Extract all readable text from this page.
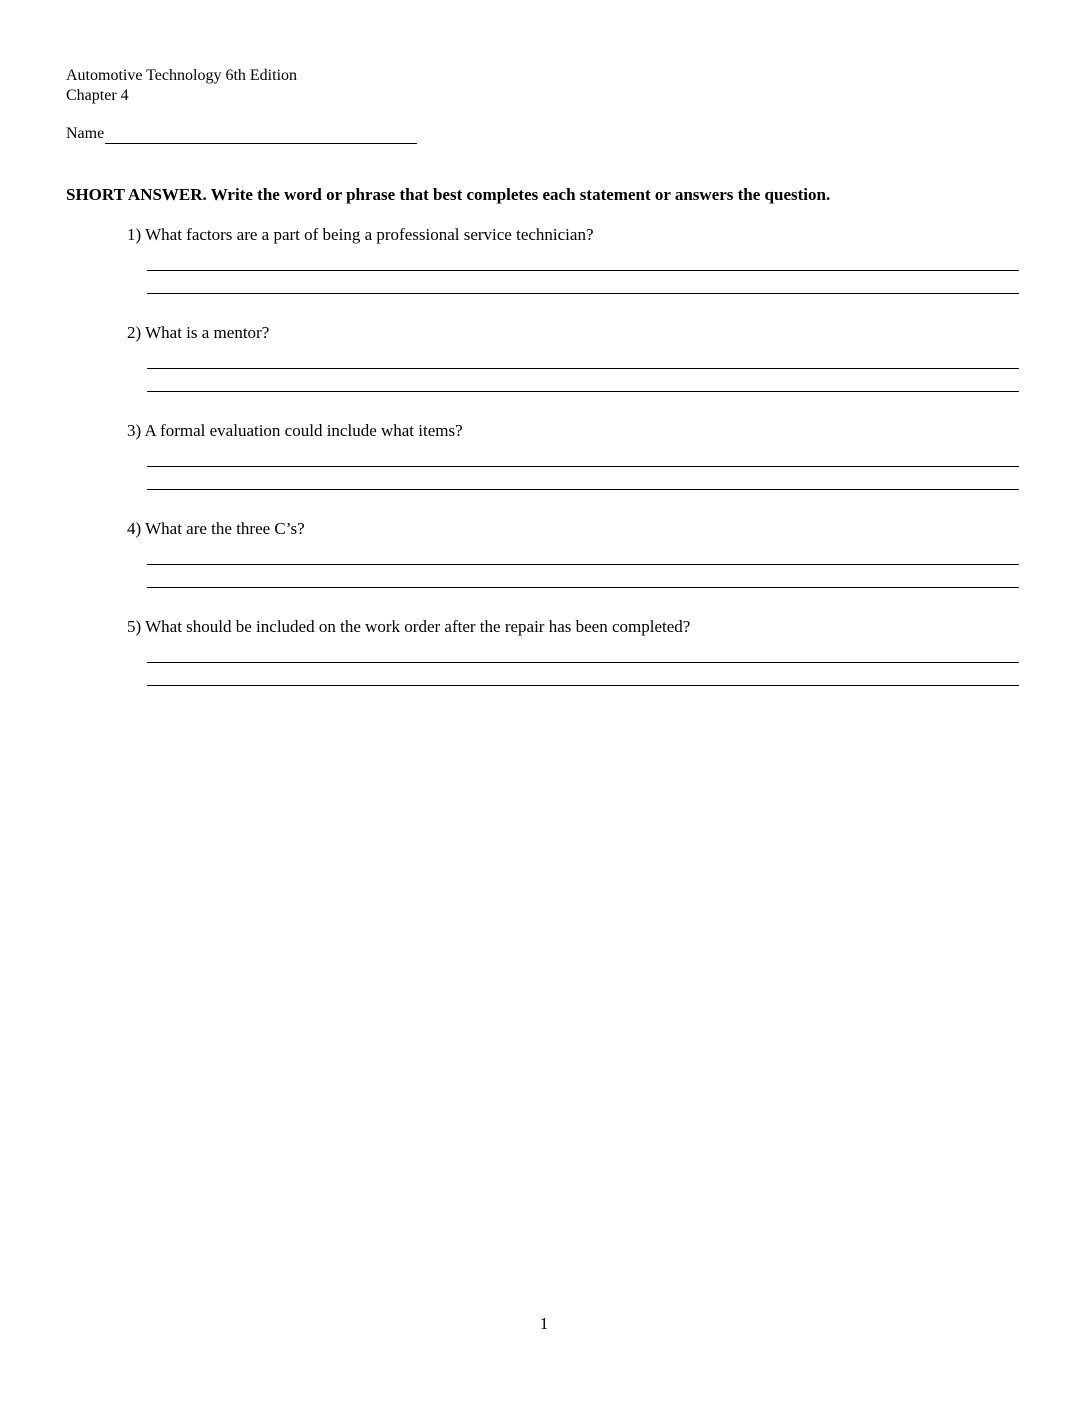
Automotive Technology 6th Edition
Chapter 4
Name
SHORT ANSWER. Write the word or phrase that best completes each statement or answers the question.
1) What factors are a part of being a professional service technician?
2) What is a mentor?
3) A formal evaluation could include what items?
4) What are the three C’s?
5) What should be included on the work order after the repair has been completed?
1
